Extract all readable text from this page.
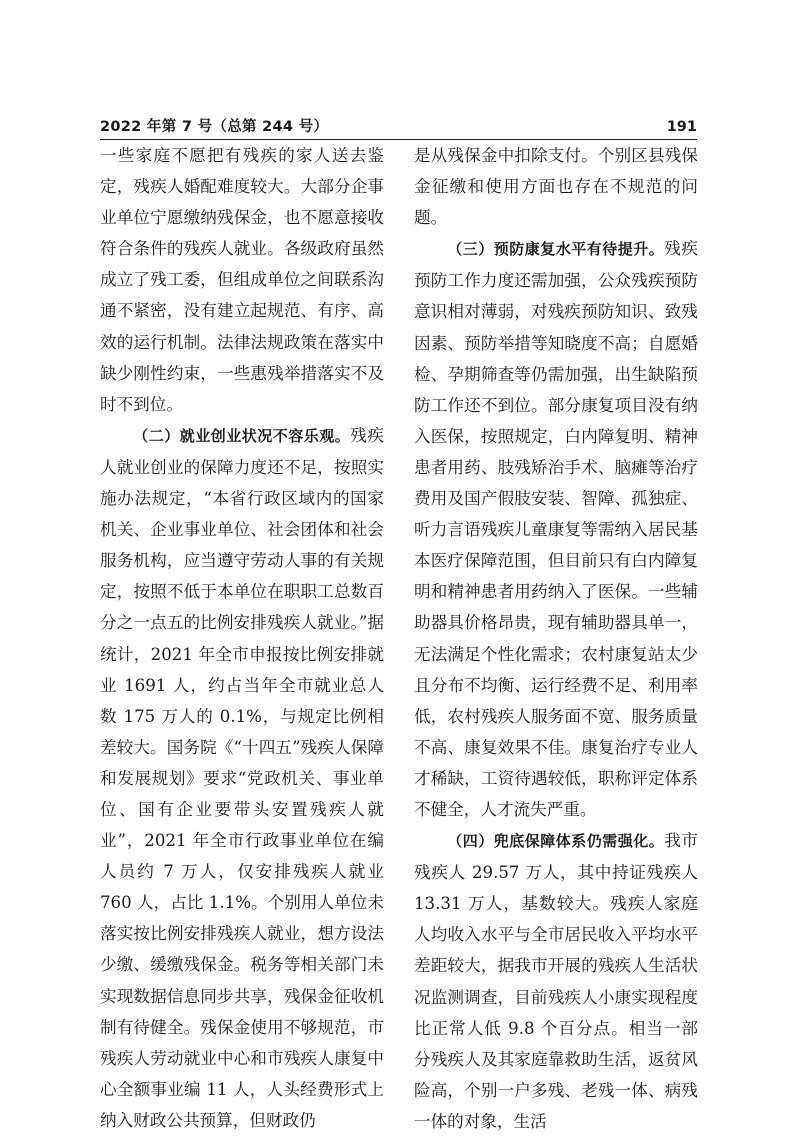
2022 年第 7 号（总第 244 号）	191

一些家庭不愿把有残疾的家人送去鉴定，残疾人婚配难度较大。大部分企事业单位宁愿缴纳残保金，也不愿意接收符合条件的残疾人就业。各级政府虽然成立了残工委，但组成单位之间联系沟通不紧密，没有建立起规范、有序、高效的运行机制。法律法规政策在落实中缺少刚性约束，一些惠残举措落实不及时不到位。

（二）就业创业状况不容乐观。残疾人就业创业的保障力度还不足，按照实施办法规定，“本省行政区域内的国家机关、企业事业单位、社会团体和社会服务机构，应当遵守劳动人事的有关规定，按照不低于本单位在职职工总数百分之一点五的比例安排残疾人就业。”据统计，2021 年全市申报按比例安排就业 1691 人，约占当年全市就业总人数 175 万人的 0.1%，与规定比例相差较大。国务院《“十四五”残疾人保障和发展规划》要求“党政机关、事业单位、国有企业要带头安置残疾人就业”，2021 年全市行政事业单位在编人员约 7 万人，仅安排残疾人就业 760 人，占比 1.1%。个别用人单位未落实按比例安排残疾人就业，想方设法少缴、缓缴残保金。税务等相关部门未实现数据信息同步共享，残保金征收机制有待健全。残保金使用不够规范，市残疾人劳动就业中心和市残疾人康复中心全额事业编 11 人，人头经费形式上纳入财政公共预算，但财政仍

是从残保金中扣除支付。个别区县残保金征缴和使用方面也存在不规范的问题。

（三）预防康复水平有待提升。残疾预防工作力度还需加强，公众残疾预防意识相对薄弱，对残疾预防知识、致残因素、预防举措等知晓度不高；自愿婚检、孕期筛查等仍需加强，出生缺陷预防工作还不到位。部分康复项目没有纳入医保，按照规定，白内障复明、精神患者用药、肢残矫治手术、脑瘫等治疗费用及国产假肢安装、智障、孤独症、听力言语残疾儿童康复等需纳入居民基本医疗保障范围，但目前只有白内障复明和精神患者用药纳入了医保。一些辅助器具价格昂贵，现有辅助器具单一，无法满足个性化需求；农村康复站太少且分布不均衡、运行经费不足、利用率低，农村残疾人服务面不宽、服务质量不高、康复效果不佳。康复治疗专业人才稀缺，工资待遇较低，职称评定体系不健全，人才流失严重。

（四）兜底保障体系仍需强化。我市残疾人 29.57 万人，其中持证残疾人 13.31 万人，基数较大。残疾人家庭人均收入水平与全市居民收入平均水平差距较大，据我市开展的残疾人生活状况监测调查，目前残疾人小康实现程度比正常人低 9.8 个百分点。相当一部分残疾人及其家庭靠救助生活，返贫风险高，个别一户多残、老残一体、病残一体的对象，生活
